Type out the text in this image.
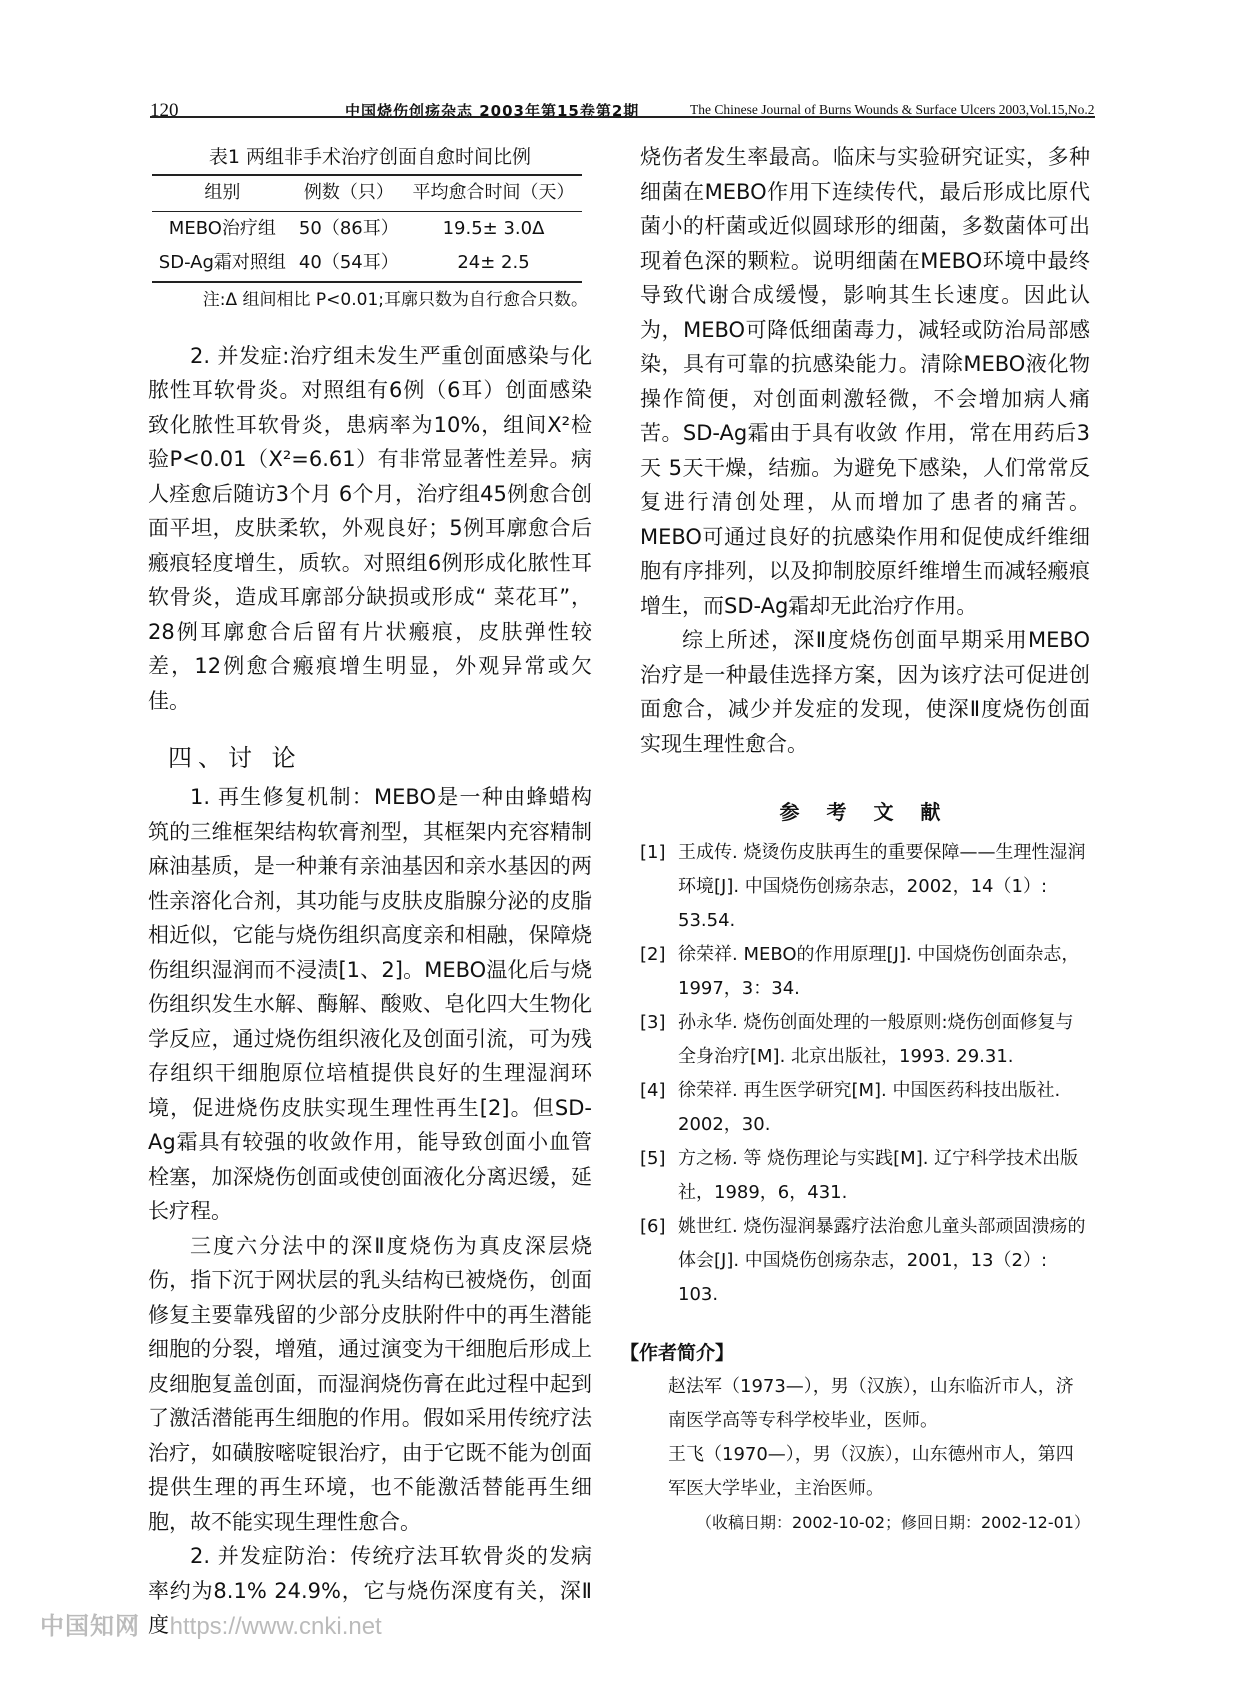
120	中国烧伤创疡杂志 2003年第15卷第2期	The Chinese Journal of Burns Wounds & Surface Ulcers 2003,Vol.15,No.2
表1 两组非手术治疗创面自愈时间比例
组别	例数（只）	平均愈合时间（天）
MEBO治疗组	50（86耳）	19.5± 3.0Δ
SD-Ag霜对照组	40（54耳）	24± 2.5
注:Δ 组间相比 P<0.01;耳廓只数为自行愈合只数。

2. 并发症:治疗组未发生严重创面感染与化脓性耳软骨炎。对照组有6例（6耳）创面感染致化脓性耳软骨炎，患病率为10%，组间X²检验P<0.01（X²=6.61）有非常显著性差异。病人痊愈后随访3个月 6个月，治疗组45例愈合创面平坦，皮肤柔软，外观良好；5例耳廓愈合后瘢痕轻度增生，质软。对照组6例形成化脓性耳软骨炎，造成耳廓部分缺损或形成“ 菜花耳”，28例耳廓愈合后留有片状瘢痕，皮肤弹性较差，12例愈合瘢痕增生明显，外观异常或欠佳。

四、讨 论

1. 再生修复机制：MEBO是一种由蜂蜡构筑的三维框架结构软膏剂型，其框架内充容精制麻油基质，是一种兼有亲油基因和亲水基因的两性亲溶化合剂，其功能与皮肤皮脂腺分泌的皮脂相近似，它能与烧伤组织高度亲和相融，保障烧伤组织湿润而不浸渍[1、2]。MEBO温化后与烧伤组织发生水解、酶解、酸败、皂化四大生物化学反应，通过烧伤组织液化及创面引流，可为残存组织干细胞原位培植提供良好的生理湿润环境，促进烧伤皮肤实现生理性再生[2]。但SD-Ag霜具有较强的收敛作用，能导致创面小血管栓塞，加深烧伤创面或使创面液化分离迟缓，延长疗程。

三度六分法中的深Ⅱ度烧伤为真皮深层烧伤，指下沉于网状层的乳头结构已被烧伤，创面修复主要靠残留的少部分皮肤附件中的再生潜能细胞的分裂，增殖，通过演变为干细胞后形成上皮细胞复盖创面，而湿润烧伤膏在此过程中起到了激活潜能再生细胞的作用。假如采用传统疗法治疗，如磺胺嘧啶银治疗，由于它既不能为创面提供生理的再生环境，也不能激活替能再生细胞，故不能实现生理性愈合。

2. 并发症防治：传统疗法耳软骨炎的发病率约为8.1% 24.9%，它与烧伤深度有关，深Ⅱ度

烧伤者发生率最高。临床与实验研究证实，多种细菌在MEBO作用下连续传代，最后形成比原代菌小的杆菌或近似圆球形的细菌，多数菌体可出现着色深的颗粒。说明细菌在MEBO环境中最终导致代谢合成缓慢，影响其生长速度。因此认为，MEBO可降低细菌毒力，减轻或防治局部感染，具有可靠的抗感染能力。清除MEBO液化物操作简便，对创面刺激轻微，不会增加病人痛苦。SD-Ag霜由于具有收敛 作用，常在用药后3天 5天干燥，结痂。为避免下感染，人们常常反复进行清创处理，从而增加了患者的痛苦。MEBO可通过良好的抗感染作用和促使成纤维细胞有序排列，以及抑制胶原纤维增生而减轻瘢痕增生，而SD-Ag霜却无此治疗作用。

综上所述，深Ⅱ度烧伤创面早期采用MEBO治疗是一种最佳选择方案，因为该疗法可促进创面愈合，减少并发症的发现，使深Ⅱ度烧伤创面实现生理性愈合。

参 考 文 献
[1] 王成传. 烧烫伤皮肤再生的重要保障——生理性湿润环境[J]. 中国烧伤创疡杂志，2002，14（1）: 53.54.
[2] 徐荣祥. MEBO的作用原理[J]. 中国烧伤创面杂志，1997，3：34.
[3] 孙永华. 烧伤创面处理的一般原则:烧伤创面修复与全身治疗[M]. 北京出版社，1993. 29.31.
[4] 徐荣祥. 再生医学研究[M]. 中国医药科技出版社. 2002，30.
[5] 方之杨. 等 烧伤理论与实践[M]. 辽宁科学技术出版社，1989，6，431.
[6] 姚世红. 烧伤湿润暴露疗法治愈儿童头部顽固溃疡的体会[J]. 中国烧伤创疡杂志，2001，13（2）: 103.
【作者简介】
赵法军（1973—），男（汉族），山东临沂市人，济南医学高等专科学校毕业，医师。
王飞（1970—），男（汉族），山东德州市人，第四军医大学毕业，主治医师。
（收稿日期：2002-10-02；修回日期：2002-12-01）
中国知网 https://www.cnki.net
